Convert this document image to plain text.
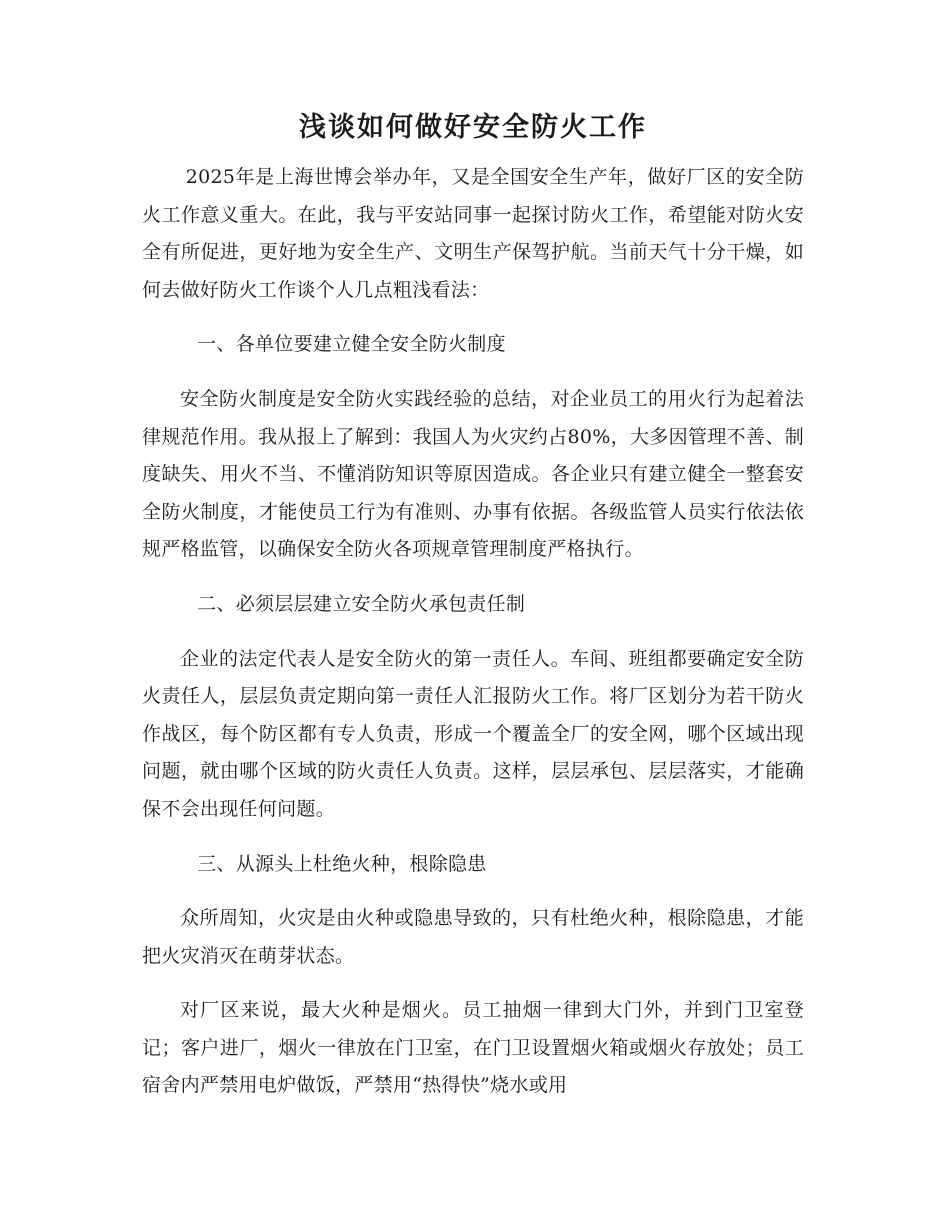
浅谈如何做好安全防火工作

2025年是上海世博会举办年，又是全国安全生产年，做好厂区的安全防火工作意义重大。在此，我与平安站同事一起探讨防火工作，希望能对防火安全有所促进，更好地为安全生产、文明生产保驾护航。当前天气十分干燥，如何去做好防火工作谈个人几点粗浅看法：

一、各单位要建立健全安全防火制度

安全防火制度是安全防火实践经验的总结，对企业员工的用火行为起着法律规范作用。我从报上了解到：我国人为火灾约占80%，大多因管理不善、制度缺失、用火不当、不懂消防知识等原因造成。各企业只有建立健全一整套安全防火制度，才能使员工行为有准则、办事有依据。各级监管人员实行依法依规严格监管，以确保安全防火各项规章管理制度严格执行。

二、必须层层建立安全防火承包责任制

企业的法定代表人是安全防火的第一责任人。车间、班组都要确定安全防火责任人，层层负责定期向第一责任人汇报防火工作。将厂区划分为若干防火作战区，每个防区都有专人负责，形成一个覆盖全厂的安全网，哪个区域出现问题，就由哪个区域的防火责任人负责。这样，层层承包、层层落实，才能确保不会出现任何问题。

三、从源头上杜绝火种，根除隐患

众所周知，火灾是由火种或隐患导致的，只有杜绝火种，根除隐患，才能把火灾消灭在萌芽状态。

对厂区来说，最大火种是烟火。员工抽烟一律到大门外，并到门卫室登记；客户进厂，烟火一律放在门卫室，在门卫设置烟火箱或烟火存放处；员工宿舍内严禁用电炉做饭，严禁用“热得快”烧水或用
